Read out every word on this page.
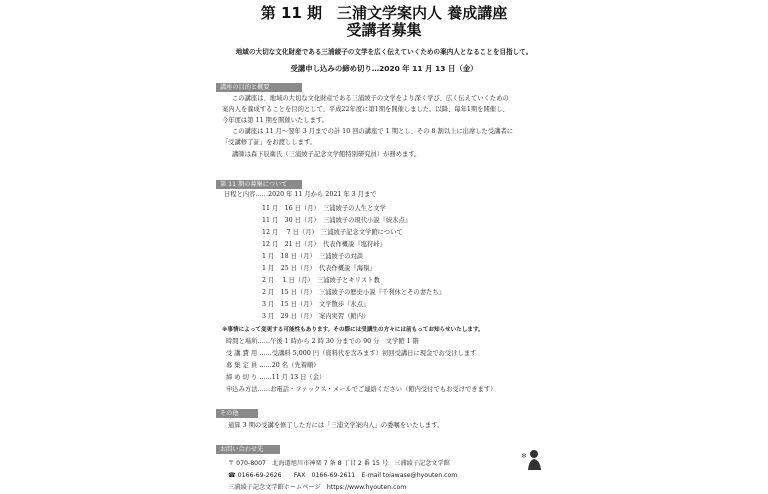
第 11 期　三浦文学案内人 養成講座
受講者募集
地域の大切な文化財産である三浦綾子の文学を広く伝えていくための案内人となることを目指して。
受講申し込みの締め切り…2020 年 11 月 13 日（金）
講座の目的と概要
この講座は、地域の大切な文化財産である三浦綾子の文学をより深く学び、広く伝えていくための
案内人を養成することを目的として、平成22年度に第1期を開催しました。以降、毎年1期を開催し、
今年度は第 11 期を開催いたします。
この講座は 11 月～翌年 3 月までの計 10 回の講座で 1 期とし、その 8 割以上に出席した受講者に
「受講修了証」をお渡しします。
講師は森下辰衛氏（三浦綾子記念文学館特別研究員）が務めます。
第 11 期の募集について
日程と内容……2020 年 11 月から 2021 年 3 月まで
11 月　16 日（月）　三浦綾子の人生と文学
11 月　30 日（月）　三浦綾子の現代小説『続氷点』
12 月　 7 日（月）　三浦綾子記念文学館について
12 月　21 日（月）　代表作概説『塩狩峠』
1 月　18 日（月）　三浦綾子の対談
1 月　25 日（月）　代表作概説『海嶺』
2 月　 1 日（月）　三浦綾子とキリスト教
2 月　15 日（月）　三浦綾子の歴史小説『千利休とその妻たち』
3 月　15 日（月）　文学散歩『氷点』
3 月　29 日（月）　案内実習（館内）
※事情によって変更する可能性もあります。その際には受講生の方々には前もってお知らせいたします。
時間と場所……午後 1 時から 2 時 30 分までの 90 分　文学館 1 階
受 講 費 用 ……受講料 5,000 円（資料代を含みます）初回受講日に現金でお受けします
募 集 定 員 ……20 名（先着順）
締 め 切 り ……11 月 13 日（金）
申込み方法……お電話・ファックス・メールでご連絡ください（館内受付でもお受けできます）
その他
通算 3 期の受講を修了した方には「三浦文学案内人」の委嘱をいたします。
お問い合わせ先
〒 070-8007　北海道旭川市神楽 7 条 8 丁目 2 番 15 号　三浦綾子記念文学館
☎ 0166-69-2626　　FAX　0166-69-2611　E-mail toiawase@hyouten.com
三浦綾子記念文学館ホームページ　https://www.hyouten.com
✻
